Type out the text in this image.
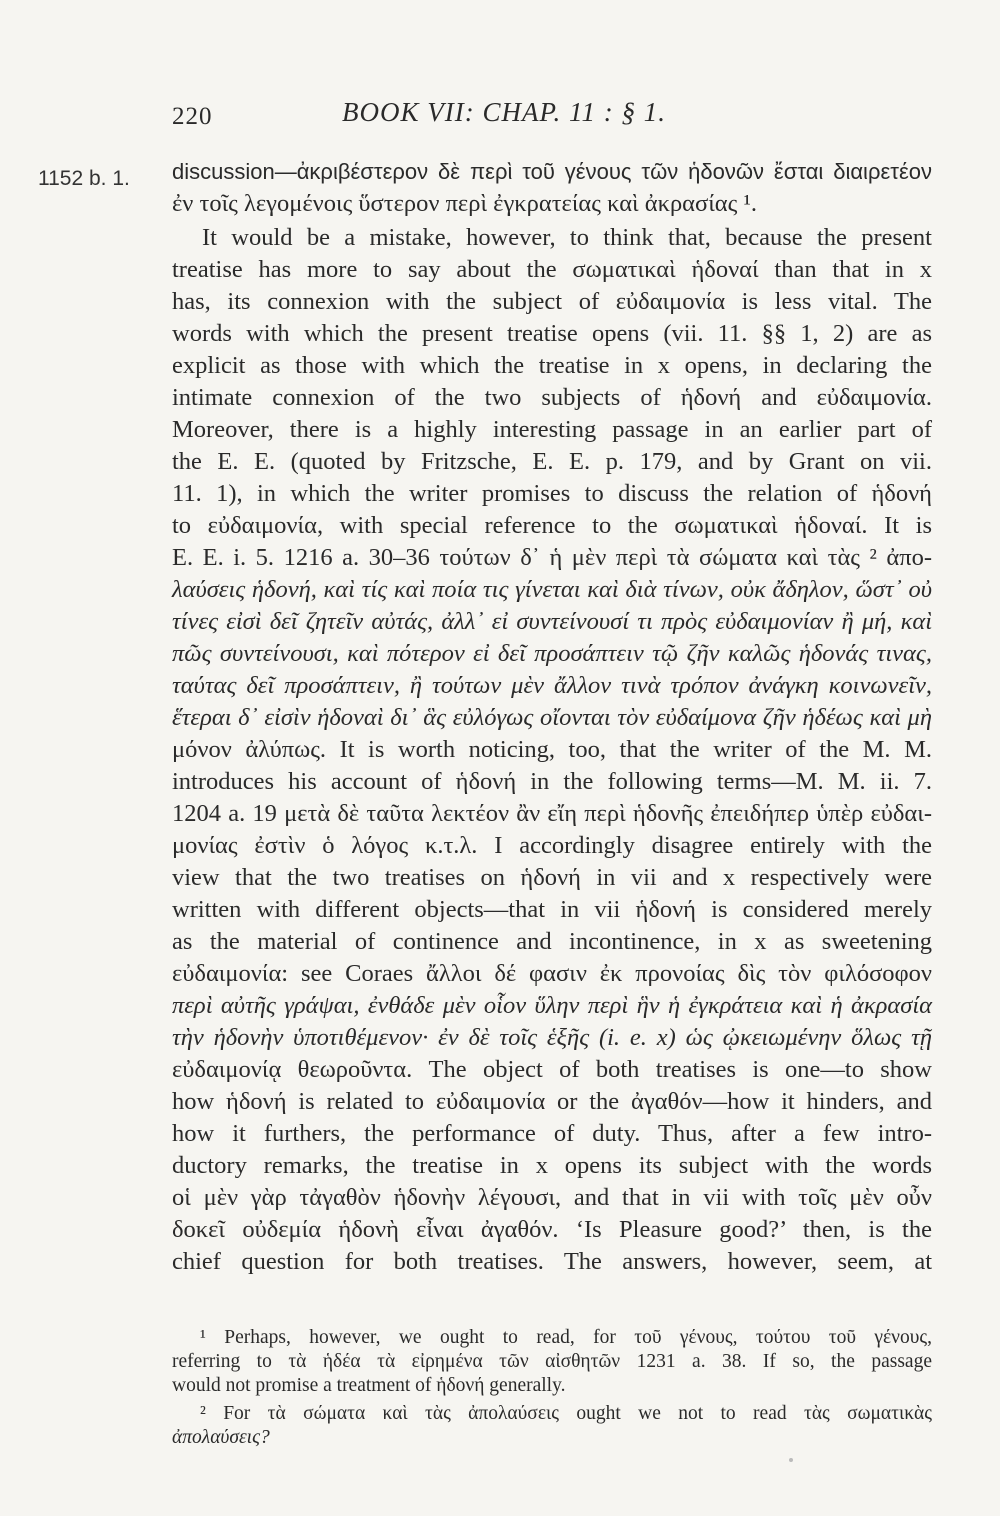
220	BOOK VII: CHAP. 11 : § 1.
1152 b. 1. discussion—ἀκριβέστερον δὲ περὶ τοῦ γένους τῶν ἡδονῶν ἔσται διαιρετέον
ἐν τοῖς λεγομένοις ὕστερον περὶ ἐγκρατείας καὶ ἀκρασίας ¹.
It would be a mistake, however, to think that, because the present
treatise has more to say about the σωματικαὶ ἡδοναί than that in x
has, its connexion with the subject of εὐδαιμονία is less vital. The
words with which the present treatise opens (vii. 11. §§ 1, 2) are as
explicit as those with which the treatise in x opens, in declaring the
intimate connexion of the two subjects of ἡδονή and εὐδαιμονία.
Moreover, there is a highly interesting passage in an earlier part of
the E. E. (quoted by Fritzsche, E. E. p. 179, and by Grant on vii.
11. 1), in which the writer promises to discuss the relation of ἡδονή
to εὐδαιμονία, with special reference to the σωματικαὶ ἡδοναί. It is
E. E. i. 5. 1216 a. 30–36 τούτων δ᾽ ἡ μὲν περὶ τὰ σώματα καὶ τὰς ² ἀπο-
λαύσεις ἡδονή, καὶ τίς καὶ ποία τις γίνεται καὶ διὰ τίνων, οὐκ ἄδηλον, ὥστ᾽ οὐ
τίνες εἰσὶ δεῖ ζητεῖν αὐτάς, ἀλλ᾽ εἰ συντείνουσί τι πρὸς εὐδαιμονίαν ἢ μή, καὶ
πῶς συντείνουσι, καὶ πότερον εἰ δεῖ προσάπτειν τῷ ζῆν καλῶς ἡδονάς τινας,
ταύτας δεῖ προσάπτειν, ἢ τούτων μὲν ἄλλον τινὰ τρόπον ἀνάγκη κοινωνεῖν,
ἕτεραι δ᾽ εἰσὶν ἡδοναὶ δι᾽ ἃς εὐλόγως οἴονται τὸν εὐδαίμονα ζῆν ἡδέως καὶ μὴ
μόνον ἀλύπως. It is worth noticing, too, that the writer of the M. M.
introduces his account of ἡδονή in the following terms—M. M. ii. 7.
1204 a. 19 μετὰ δὲ ταῦτα λεκτέον ἂν εἴη περὶ ἡδονῆς ἐπειδήπερ ὑπὲρ εὐδαι-
μονίας ἐστὶν ὁ λόγος κ.τ.λ. I accordingly disagree entirely with the
view that the two treatises on ἡδονή in vii and x respectively were
written with different objects—that in vii ἡδονή is considered merely
as the material of continence and incontinence, in x as sweetening
εὐδαιμονία: see Coraes ἄλλοι δέ φασιν ἐκ προνοίας δὶς τὸν φιλόσοφον
περὶ αὐτῆς γράψαι, ἐνθάδε μὲν οἷον ὕλην περὶ ἣν ἡ ἐγκράτεια καὶ ἡ ἀκρασία
τὴν ἡδονὴν ὑποτιθέμενον· ἐν δὲ τοῖς ἑξῆς (i. e. x) ὡς ᾠκειωμένην ὅλως τῇ
εὐδαιμονίᾳ θεωροῦντα. The object of both treatises is one—to show
how ἡδονή is related to εὐδαιμονία or the ἀγαθόν—how it hinders, and
how it furthers, the performance of duty. Thus, after a few intro-
ductory remarks, the treatise in x opens its subject with the words
οἱ μὲν γὰρ τἀγαθὸν ἡδονὴν λέγουσι, and that in vii with τοῖς μὲν οὖν
δοκεῖ οὐδεμία ἡδονὴ εἶναι ἀγαθόν. ‘Is Pleasure good?’ then, is the
chief question for both treatises. The answers, however, seem, at
¹ Perhaps, however, we ought to read, for τοῦ γένους, τούτου τοῦ γένους,
referring to τὰ ἡδέα τὰ εἰρημένα τῶν αἰσθητῶν 1231 a. 38. If so, the passage
would not promise a treatment of ἡδονή generally.
² For τὰ σώματα καὶ τὰς ἀπολαύσεις ought we not to read τὰς σωματικὰς
ἀπολαύσεις?
